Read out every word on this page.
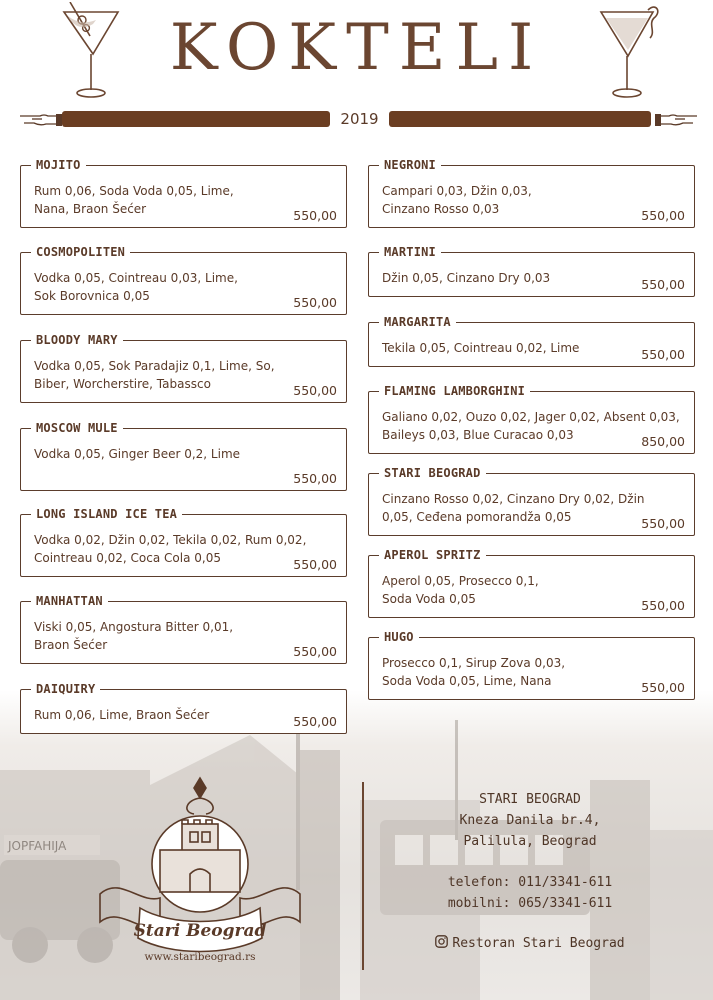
JOPFAHIJA
KOKTELI
2019
MOJITO
Rum 0,06, Soda Voda 0,05, Lime, Nana, Braon Šećer	550,00
COSMOPOLITEN
Vodka 0,05, Cointreau 0,03, Lime, Sok Borovnica 0,05	550,00
BLOODY MARY
Vodka 0,05, Sok Paradajiz 0,1, Lime, So, Biber, Worcherstire, Tabassco	550,00
MOSCOW MULE
Vodka 0,05, Ginger Beer 0,2, Lime
550,00
LONG ISLAND ICE TEA
Vodka 0,02, Džin 0,02, Tekila 0,02, Rum 0,02, Cointreau 0,02, Coca Cola 0,05	550,00
MANHATTAN
Viski 0,05, Angostura Bitter 0,01, Braon Šećer	550,00
DAIQUIRY
Rum 0,06, Lime, Braon Šećer	550,00
NEGRONI
Campari 0,03, Džin 0,03, Cinzano Rosso 0,03	550,00
MARTINI
Džin 0,05, Cinzano Dry 0,03	550,00
MARGARITA
Tekila 0,05, Cointreau 0,02, Lime	550,00
FLAMING LAMBORGHINI
Galiano 0,02, Ouzo 0,02, Jager 0,02, Absent 0,03, Baileys 0,03, Blue Curacao 0,03	850,00
STARI BEOGRAD
Cinzano Rosso 0,02, Cinzano Dry 0,02, Džin 0,05, Ceđena pomorandža 0,05	550,00
APEROL SPRITZ
Aperol 0,05, Prosecco 0,1, Soda Voda 0,05	550,00
HUGO
Prosecco 0,1, Sirup Zova 0,03, Soda Voda 0,05, Lime, Nana	550,00
Stari Beograd
www.staribeograd.rs
STARI BEOGRAD
Kneza Danila br.4,
Palilula, Beograd
telefon: 011/3341-611
mobilni: 065/3341-611
Restoran Stari Beograd
